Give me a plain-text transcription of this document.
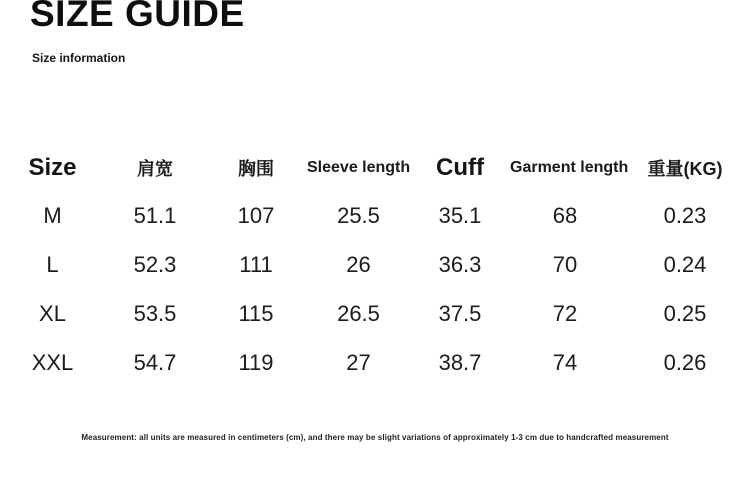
SIZE GUIDE
Size information
Size	肩宽	胸围	Sleeve length	Cuff	Garment length	重量(KG)
M	51.1	107	25.5	35.1	68	0.23
L	52.3	111	26	36.3	70	0.24
XL	53.5	115	26.5	37.5	72	0.25
XXL	54.7	119	27	38.7	74	0.26
Measurement: all units are measured in centimeters (cm), and there may be slight variations of approximately 1-3 cm due to handcrafted measurement
